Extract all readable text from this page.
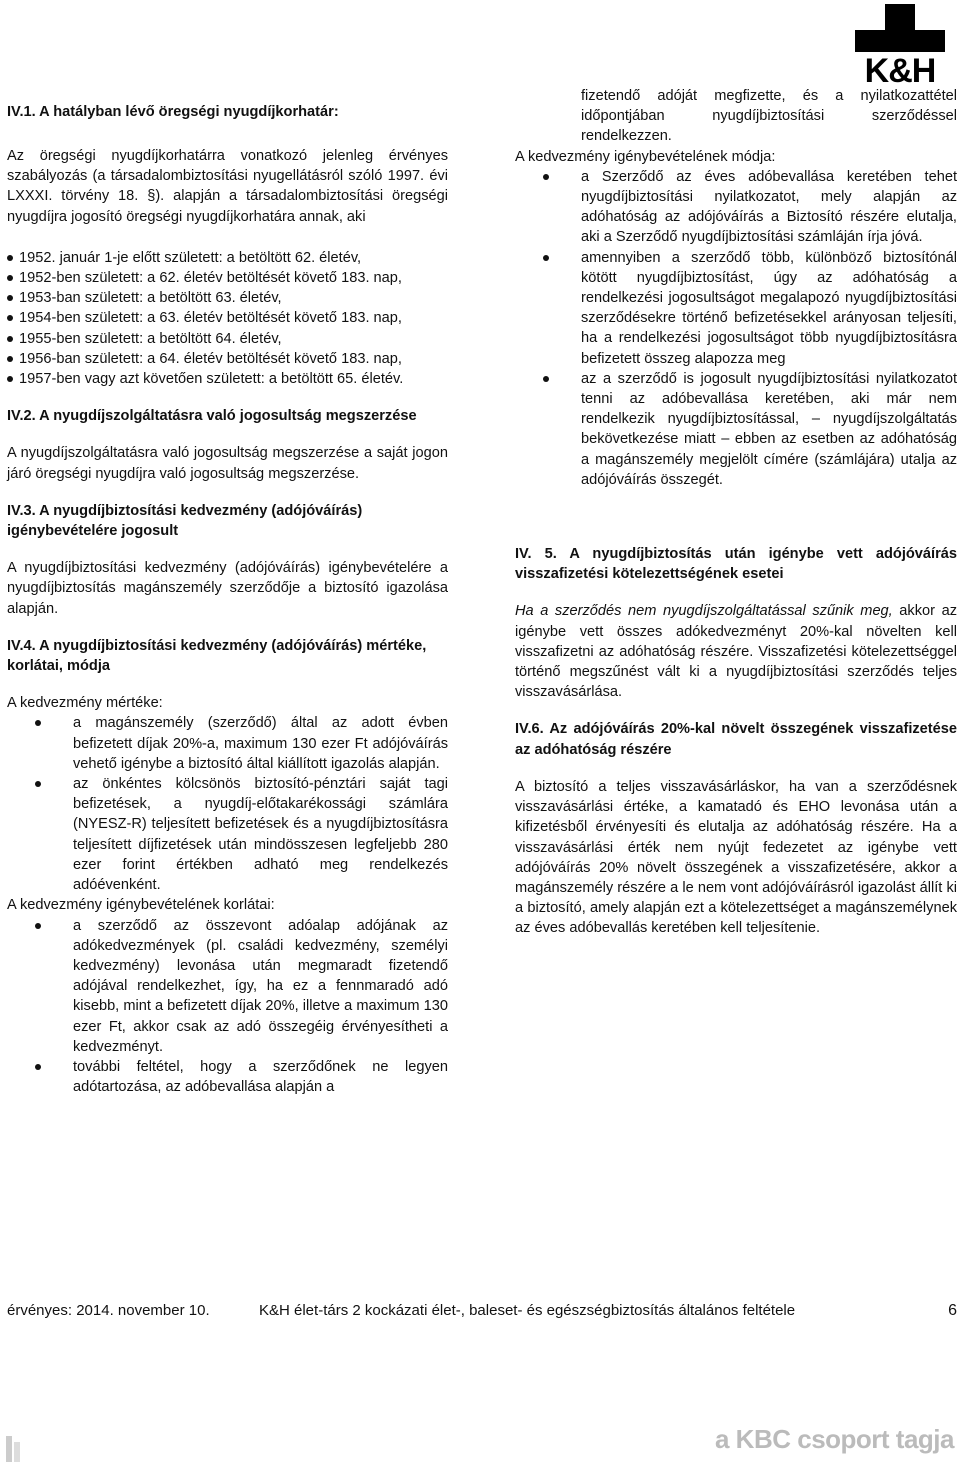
K&H
IV.1. A hatályban lévő öregségi nyugdíjkorhatár:

Az öregségi nyugdíjkorhatárra vonatkozó jelenleg érvényes szabályozás (a társadalombiztosítási nyugellátásról szóló 1997. évi LXXXI. törvény 18. §). alapján a társadalombiztosítási öregségi nyugdíjra jogosító öregségi nyugdíjkorhatára annak, aki

1952. január 1-je előtt született: a betöltött 62. életév,
1952-ben született: a 62. életév betöltését követő 183. nap,
1953-ban született: a betöltött 63. életév,
1954-ben született: a 63. életév betöltését követő 183. nap,
1955-ben született: a betöltött 64. életév,
1956-ban született: a 64. életév betöltését követő 183. nap,
1957-ben vagy azt követően született: a betöltött 65. életév.
IV.2. A nyugdíjszolgáltatásra való jogosultság megszerzése

A nyugdíjszolgáltatásra való jogosultság megszerzése a saját jogon járó öregségi nyugdíjra való jogosultság megszerzése.

IV.3. A nyugdíjbiztosítási kedvezmény (adójóváírás) igénybevételére jogosult

A nyugdíjbiztosítási kedvezmény (adójóváírás) igénybevételére a nyugdíjbiztosítás magánszemély szerződője a biztosító igazolása alapján.

IV.4. A nyugdíjbiztosítási kedvezmény (adójóváírás) mértéke, korlátai, módja
A kedvezmény mértéke:
a magánszemély (szerződő) által az adott évben befizetett díjak 20%-a, maximum 130 ezer Ft adójóváírás vehető igénybe a biztosító által kiállított igazolás alapján.
az önkéntes kölcsönös biztosító-pénztári saját tagi befizetések, a nyugdíj-előtakarékossági számlára (NYESZ-R) teljesített befizetések és a nyugdíjbiztosításra teljesített díjfizetések után mindösszesen legfeljebb 280 ezer forint értékben adható meg rendelkezés adóévenként.
A kedvezmény igénybevételének korlátai:
a szerződő az összevont adóalap adójának az adókedvezmények (pl. családi kedvezmény, személyi kedvezmény) levonása után megmaradt fizetendő adójával rendelkezhet, így, ha ez a fennmaradó adó kisebb, mint a befizetett díjak 20%, illetve a maximum 130 ezer Ft, akkor csak az adó összegéig érvényesítheti a kedvezményt.
további feltétel, hogy a szerződőnek ne legyen adótartozása, az adóbevallása alapján a

fizetendő adóját megfizette, és a nyilatkozattétel időpontjában nyugdíjbiztosítási szerződéssel rendelkezzen.

A kedvezmény igénybevételének módja:
a Szerződő az éves adóbevallása keretében tehet nyugdíjbiztosítási nyilatkozatot, mely alapján az adóhatóság az adójóváírás a Biztosító részére elutalja, aki a Szerződő nyugdíjbiztosítási számláján írja jóvá.
amennyiben a szerződő több, különböző biztosítónál kötött nyugdíjbiztosítást, úgy az adóhatóság a rendelkezési jogosultságot megalapozó nyugdíjbiztosítási szerződésekre történő befizetésekkel arányosan teljesíti, ha a rendelkezési jogosultságot több nyugdíjbiztosításra befizetett összeg alapozza meg
az a szerződő is jogosult nyugdíjbiztosítási nyilatkozatot tenni az adóbevallása keretében, aki már nem rendelkezik nyugdíjbiztosítással, – nyugdíjszolgáltatás bekövetkezése miatt – ebben az esetben az adóhatóság a magánszemély megjelölt címére (számlájára) utalja az adójóváírás összegét.
IV. 5. A nyugdíjbiztosítás után igénybe vett adójóváírás visszafizetési kötelezettségének esetei

Ha a szerződés nem nyugdíjszolgáltatással szűnik meg, akkor az igénybe vett összes adókedvezményt 20%-kal növelten kell visszafizetni az adóhatóság részére. Visszafizetési kötelezettséggel történő megszűnést vált ki a nyugdíjbiztosítási szerződés teljes visszavásárlása.

IV.6. Az adójóváírás 20%-kal növelt összegének visszafizetése az adóhatóság részére

A biztosító a teljes visszavásárláskor, ha van a szerződésnek visszavásárlási értéke, a kamatadó és EHO levonása után a kifizetésből érvényesíti és elutalja az adóhatóság részére. Ha a visszavásárlási érték nem nyújt fedezetet az igénybe vett adójóváírás 20% növelt összegének a visszafizetésére, akkor a magánszemély részére a le nem vont adójóváírásról igazolást állít ki a biztosító, amely alapján ezt a kötelezettséget a magánszemélynek az éves adóbevallás keretében kell teljesítenie.

érvényes: 2014. november 10.	K&H élet-társ 2 kockázati élet-, baleset- és egészségbiztosítás általános feltétele	6
a KBC csoport tagja
